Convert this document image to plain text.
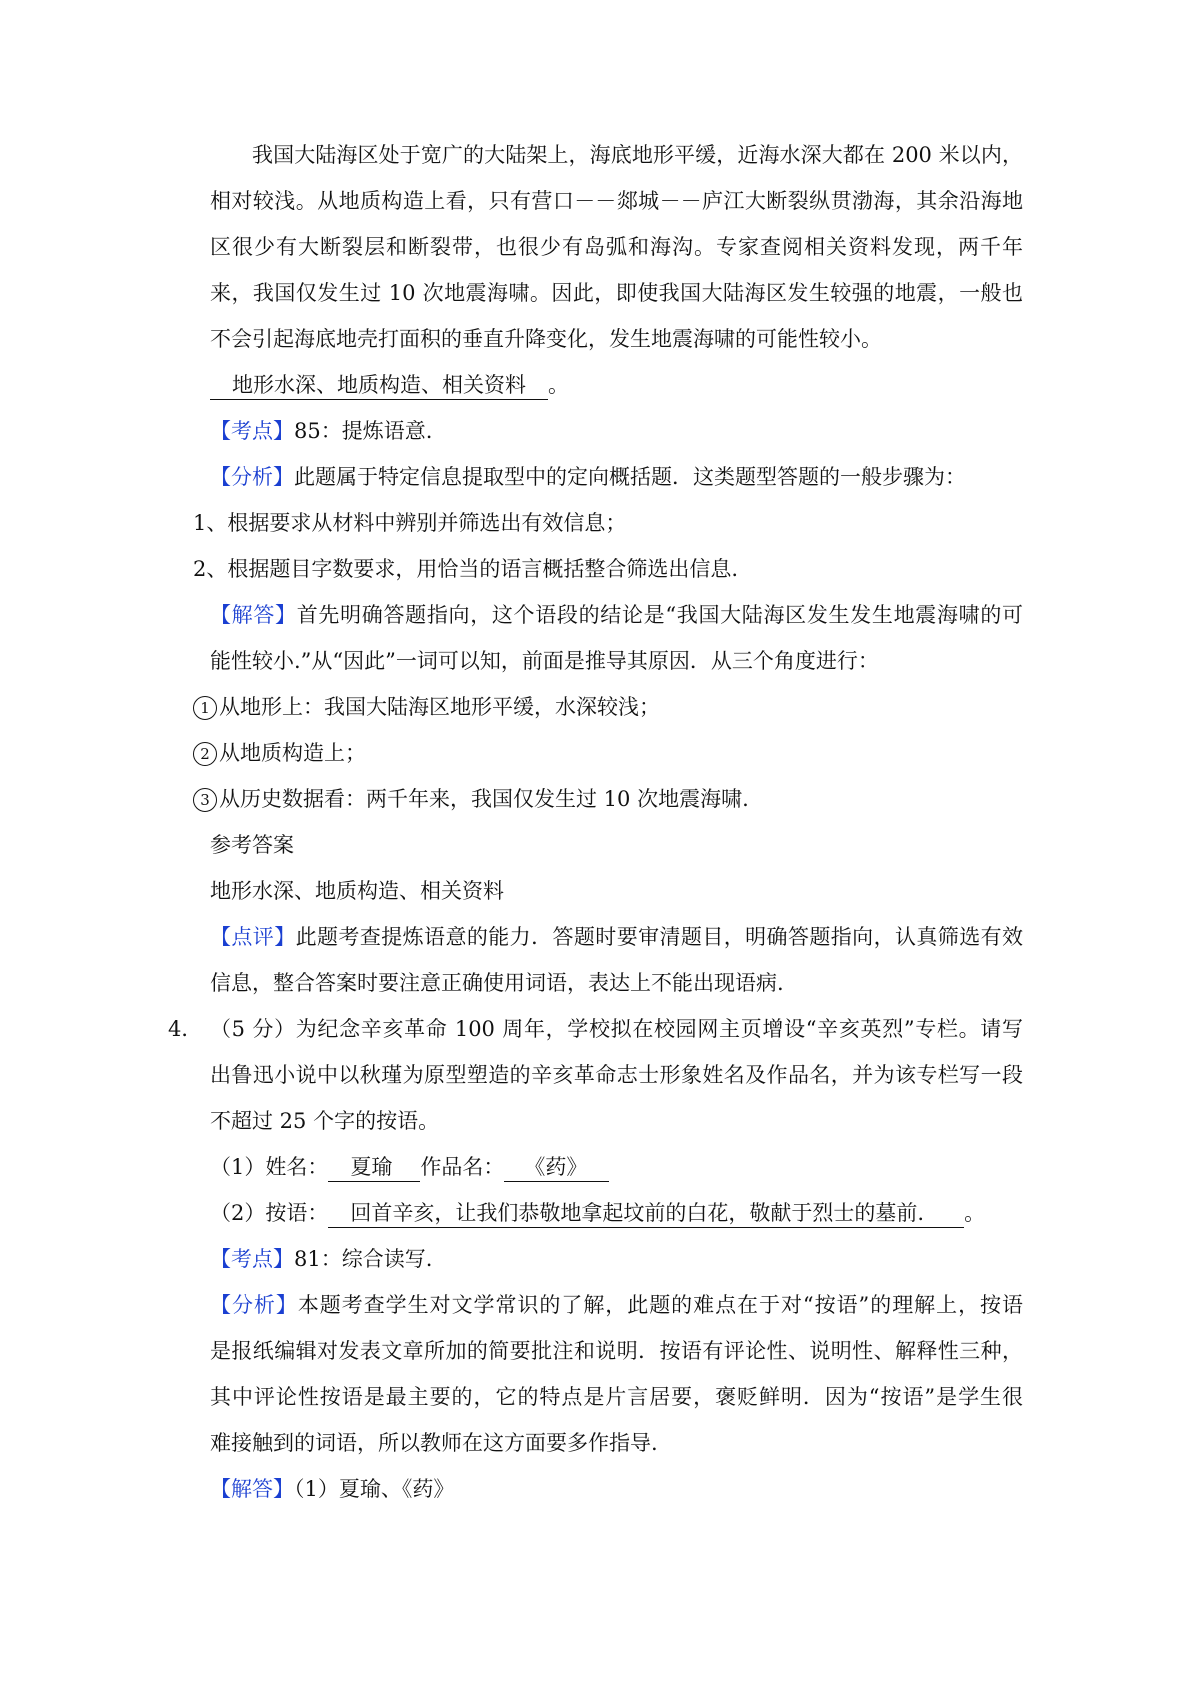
我国大陆海区处于宽广的大陆架上，海底地形平缓，近海水深大都在 200 米以内，
相对较浅。从地质构造上看，只有营口－－郯城－－庐江大断裂纵贯渤海，其余沿海地
区很少有大断裂层和断裂带，也很少有岛弧和海沟。专家查阅相关资料发现，两千年
来，我国仅发生过 10 次地震海啸。因此，即使我国大陆海区发生较强的地震，一般也
不会引起海底地壳打面积的垂直升降变化，发生地震海啸的可能性较小。
地形水深、地质构造、相关资料 。
【考点】85：提炼语意.
【分析】此题属于特定信息提取型中的定向概括题．这类题型答题的一般步骤为：
1、根据要求从材料中辨别并筛选出有效信息；
2、根据题目字数要求，用恰当的语言概括整合筛选出信息.
【解答】首先明确答题指向，这个语段的结论是“我国大陆海区发生发生地震海啸的可
能性较小.”从“因此”一词可以知，前面是推导其原因．从三个角度进行：
1 从地形上：我国大陆海区地形平缓，水深较浅；
2 从地质构造上；
3 从历史数据看：两千年来，我国仅发生过 10 次地震海啸.
参考答案
地形水深、地质构造、相关资料
【点评】此题考查提炼语意的能力．答题时要审清题目，明确答题指向，认真筛选有效
信息，整合答案时要注意正确使用词语，表达上不能出现语病.
4． （5 分）为纪念辛亥革命 100 周年，学校拟在校园网主页增设“辛亥英烈”专栏。请写
出鲁迅小说中以秋瑾为原型塑造的辛亥革命志士形象姓名及作品名，并为该专栏写一段
不超过 25 个字的按语。
（1）姓名： 夏瑜 作品名： 《药》
（2）按语： 回首辛亥，让我们恭敬地拿起坟前的白花，敬献于烈士的墓前. 。
【考点】81：综合读写.
【分析】本题考查学生对文学常识的了解，此题的难点在于对“按语”的理解上，按语
是报纸编辑对发表文章所加的简要批注和说明．按语有评论性、说明性、解释性三种，
其中评论性按语是最主要的，它的特点是片言居要，褒贬鲜明．因为“按语”是学生很
难接触到的词语，所以教师在这方面要多作指导.
【解答】（1）夏瑜、《药》
